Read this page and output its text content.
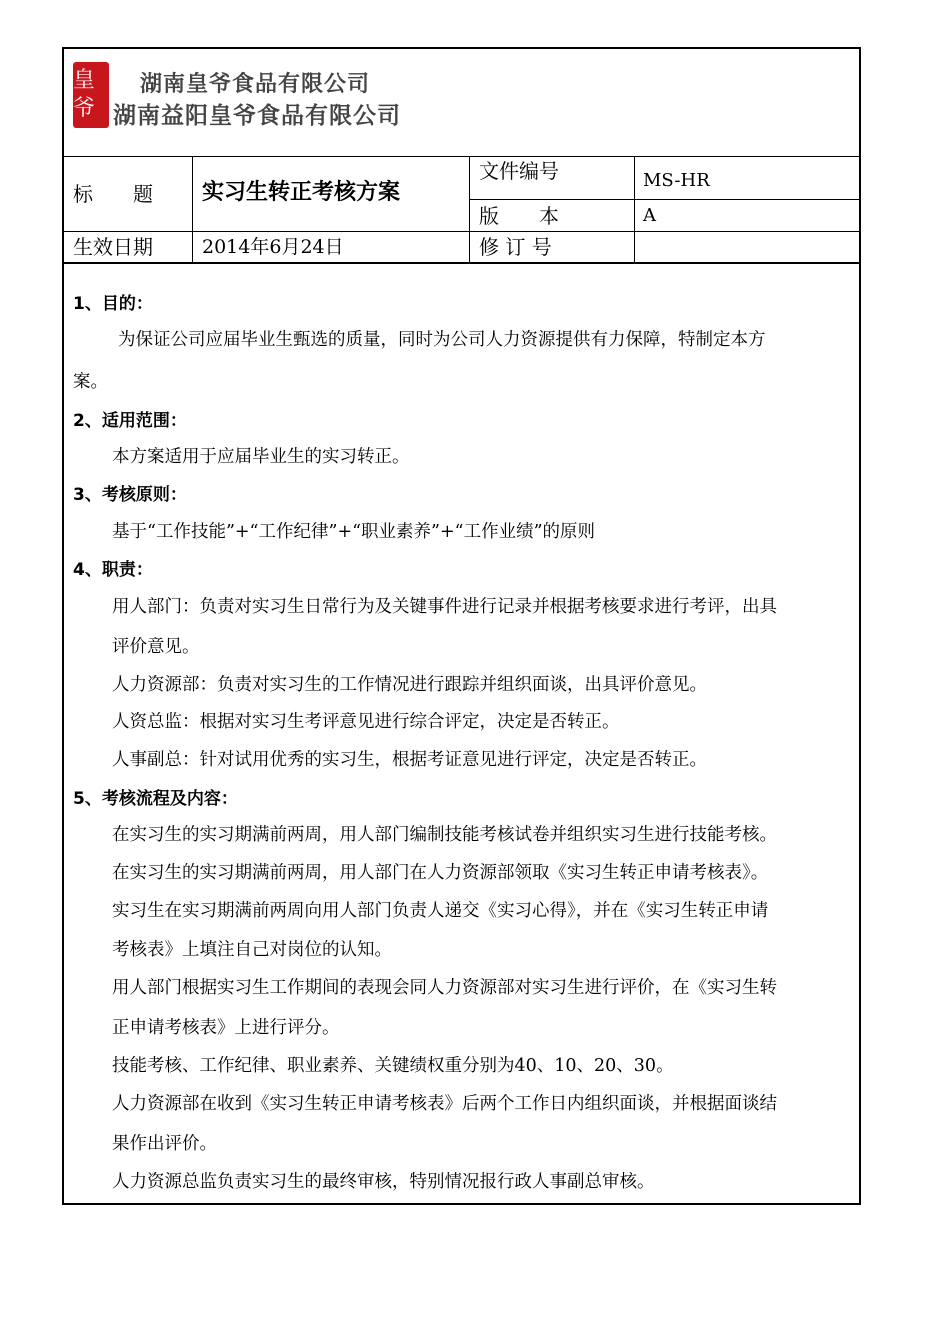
皇爷
湖南皇爷食品有限公司
湖南益阳皇爷食品有限公司
标　　题 实习生转正考核方案
文件编号	MS-HR
版　　本	A
生效日期	2014年6月24日	修 订 号
1、目的：
为保证公司应届毕业生甄选的质量，同时为公司人力资源提供有力保障，特制定本方
案。
2、适用范围：
本方案适用于应届毕业生的实习转正。
3、考核原则：
基于“工作技能”+“工作纪律”+“职业素养”+“工作业绩”的原则
4、职责：
用人部门：负责对实习生日常行为及关键事件进行记录并根据考核要求进行考评，出具
评价意见。
人力资源部：负责对实习生的工作情况进行跟踪并组织面谈，出具评价意见。
人资总监：根据对实习生考评意见进行综合评定，决定是否转正。
人事副总：针对试用优秀的实习生，根据考证意见进行评定，决定是否转正。
5、考核流程及内容：
在实习生的实习期满前两周，用人部门编制技能考核试卷并组织实习生进行技能考核。
在实习生的实习期满前两周，用人部门在人力资源部领取《实习生转正申请考核表》。
实习生在实习期满前两周向用人部门负责人递交《实习心得》，并在《实习生转正申请
考核表》上填注自己对岗位的认知。
用人部门根据实习生工作期间的表现会同人力资源部对实习生进行评价，在《实习生转
正申请考核表》上进行评分。
技能考核、工作纪律、职业素养、关键绩权重分别为40、10、20、30。
人力资源部在收到《实习生转正申请考核表》后两个工作日内组织面谈，并根据面谈结
果作出评价。
人力资源总监负责实习生的最终审核，特别情况报行政人事副总审核。
